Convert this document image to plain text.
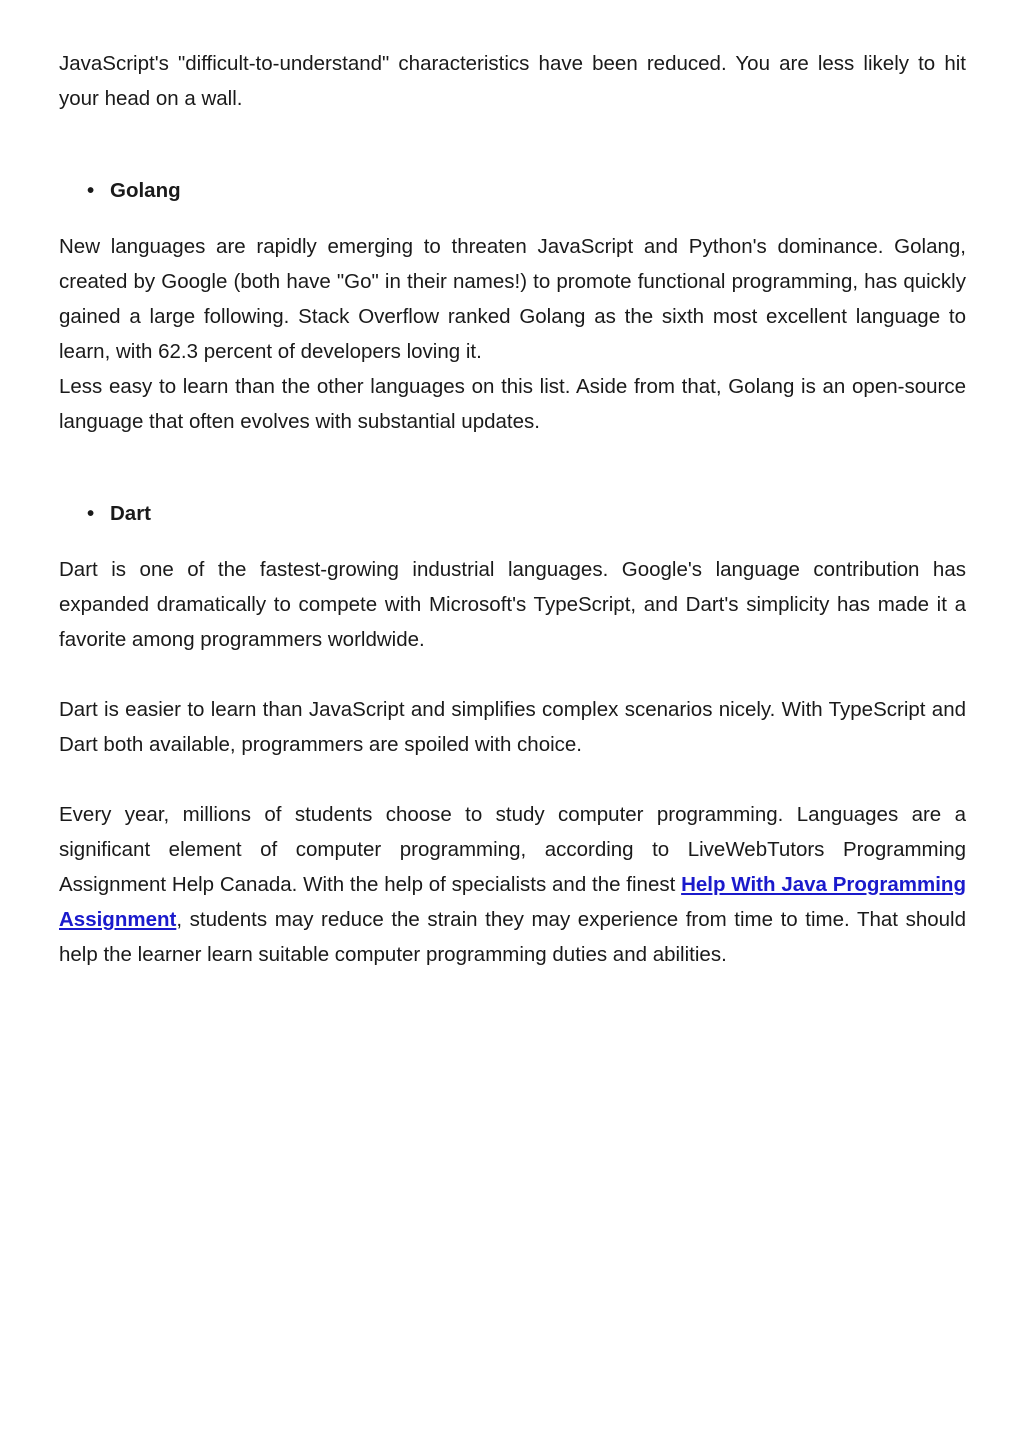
JavaScript's "difficult-to-understand" characteristics have been reduced. You are less likely to hit your head on a wall.

• Golang

New languages are rapidly emerging to threaten JavaScript and Python's dominance. Golang, created by Google (both have "Go" in their names!) to promote functional programming, has quickly gained a large following. Stack Overflow ranked Golang as the sixth most excellent language to learn, with 62.3 percent of developers loving it.

Less easy to learn than the other languages on this list. Aside from that, Golang is an open-source language that often evolves with substantial updates.

• Dart

Dart is one of the fastest-growing industrial languages. Google's language contribution has expanded dramatically to compete with Microsoft's TypeScript, and Dart's simplicity has made it a favorite among programmers worldwide.

Dart is easier to learn than JavaScript and simplifies complex scenarios nicely. With TypeScript and Dart both available, programmers are spoiled with choice.

Every year, millions of students choose to study computer programming. Languages are a significant element of computer programming, according to LiveWebTutors Programming Assignment Help Canada. With the help of specialists and the finest Help With Java Programming Assignment, students may reduce the strain they may experience from time to time. That should help the learner learn suitable computer programming duties and abilities.
